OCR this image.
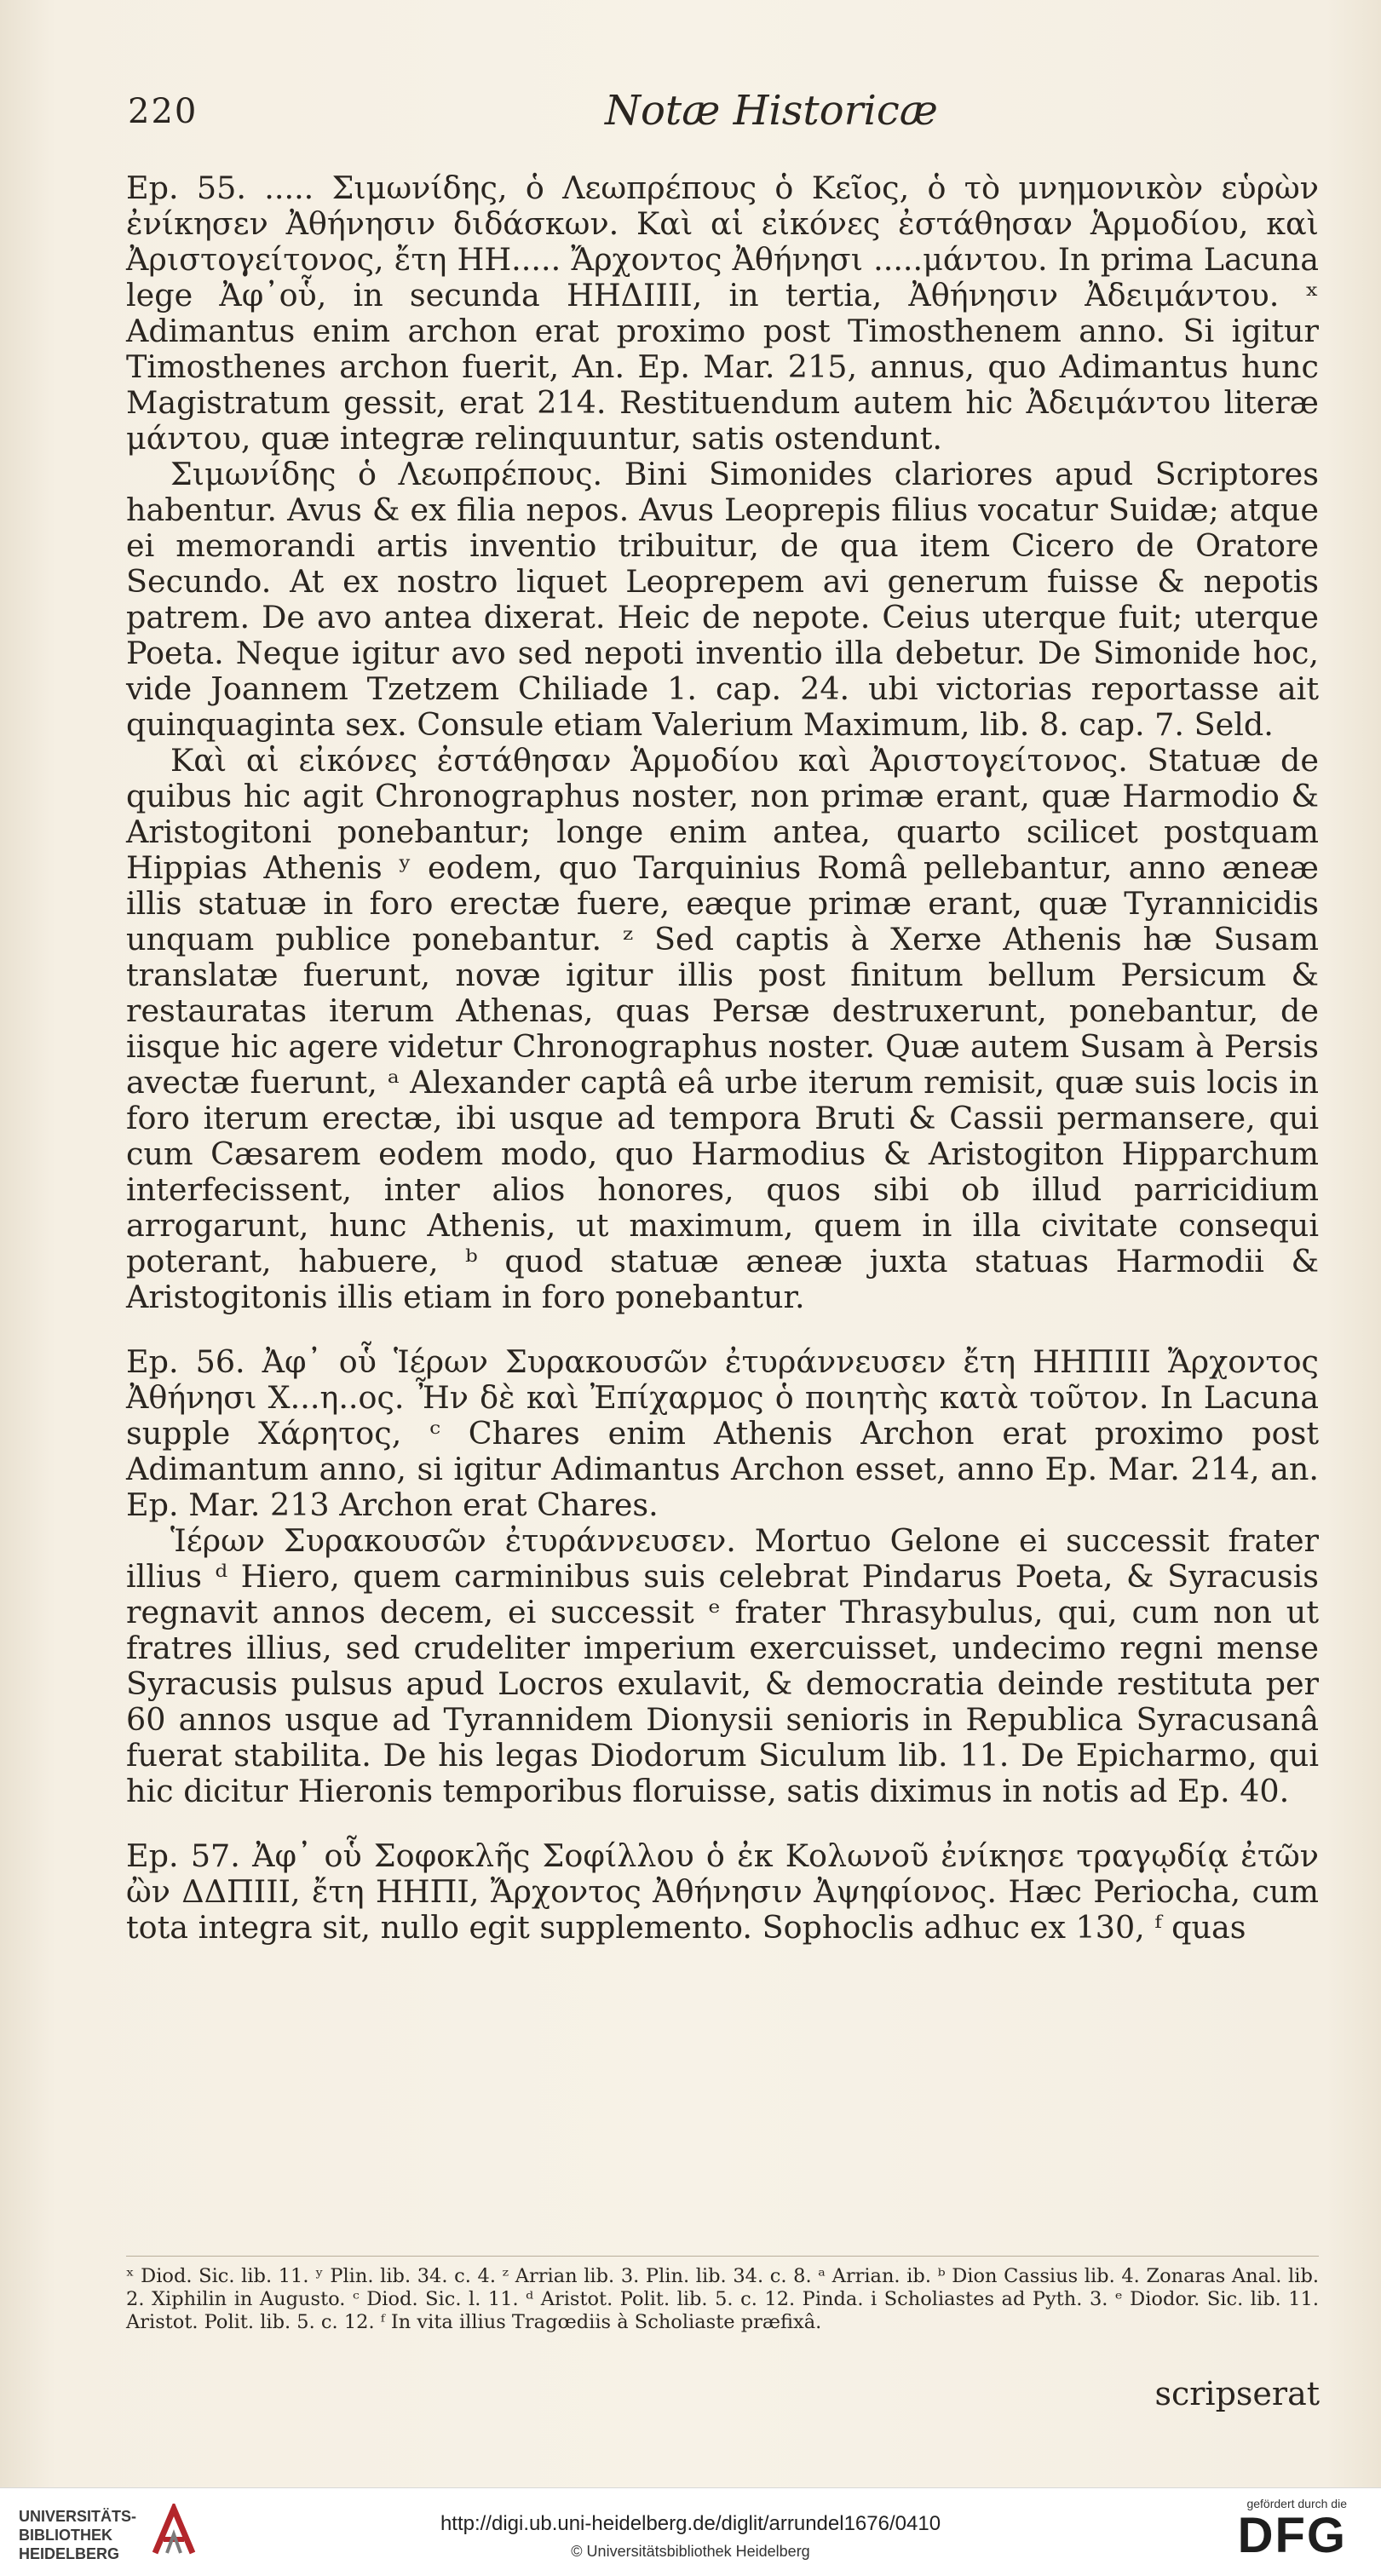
220	Notæ Historicæ

Ep. 55. ..... Σιμωνίδης, ὁ Λεωπρέπους ὁ Κεῖος, ὁ τὸ μνημονικὸν εὑρὼν ἐνίκησεν Ἀθήνησιν διδάσκων. Καὶ αἱ εἰκόνες ἐστάθησαν Ἁρμοδίου, καὶ Ἀριστογείτονος, ἔτη ΗΗ..... Ἄρχοντος Ἀθήνησι .....μάντου. In prima Lacuna lege Ἀφ᾽οὗ, in secunda ΗΗΔΙΙΙΙ, in tertia, Ἀθήνησιν Ἀδειμάντου. ˣ Adimantus enim archon erat proximo post Timosthenem anno. Si igitur Timosthenes archon fuerit, An. Ep. Mar. 215, annus, quo Adimantus hunc Magistratum gessit, erat 214. Restituendum autem hic Ἀδειμάντου literæ μάντου, quæ integræ relinquuntur, satis ostendunt.

Σιμωνίδης ὁ Λεωπρέπους. Bini Simonides clariores apud Scriptores habentur. Avus & ex filia nepos. Avus Leoprepis filius vocatur Suidæ; atque ei memorandi artis inventio tribuitur, de qua item Cicero de Oratore Secundo. At ex nostro liquet Leoprepem avi generum fuisse & nepotis patrem. De avo antea dixerat. Heic de nepote. Ceius uterque fuit; uterque Poeta. Neque igitur avo sed nepoti inventio illa debetur. De Simonide hoc, vide Joannem Tzetzem Chiliade 1. cap. 24. ubi victorias reportasse ait quinquaginta sex. Consule etiam Valerium Maximum, lib. 8. cap. 7. Seld.

Καὶ αἱ εἰκόνες ἐστάθησαν Ἁρμοδίου καὶ Ἀριστογείτονος. Statuæ de quibus hic agit Chronographus noster, non primæ erant, quæ Harmodio & Aristogitoni ponebantur; longe enim antea, quarto scilicet postquam Hippias Athenis ʸ eodem, quo Tarquinius Româ pellebantur, anno æneæ illis statuæ in foro erectæ fuere, eæque primæ erant, quæ Tyrannicidis unquam publice ponebantur. ᶻ Sed captis à Xerxe Athenis hæ Susam translatæ fuerunt, novæ igitur illis post finitum bellum Persicum & restauratas iterum Athenas, quas Persæ destruxerunt, ponebantur, de iisque hic agere videtur Chronographus noster. Quæ autem Susam à Persis avectæ fuerunt, ᵃ Alexander captâ eâ urbe iterum remisit, quæ suis locis in foro iterum erectæ, ibi usque ad tempora Bruti & Cassii permansere, qui cum Cæsarem eodem modo, quo Harmodius & Aristogiton Hipparchum interfecissent, inter alios honores, quos sibi ob illud parricidium arrogarunt, hunc Athenis, ut maximum, quem in illa civitate consequi poterant, habuere, ᵇ quod statuæ æneæ juxta statuas Harmodii & Aristogitonis illis etiam in foro ponebantur.

Ep. 56. Ἀφ᾽ οὗ Ἱέρων Συρακουσῶν ἐτυράννευσεν ἔτη ΗΗΠΙΙΙ Ἄρχοντος Ἀθήνησι Χ...η..ος. Ἦν δὲ καὶ Ἐπίχαρμος ὁ ποιητὴς κατὰ τοῦτον. In Lacuna supple Χάρητος, ᶜ Chares enim Athenis Archon erat proximo post Adimantum anno, si igitur Adimantus Archon esset, anno Ep. Mar. 214, an. Ep. Mar. 213 Archon erat Chares.

Ἱέρων Συρακουσῶν ἐτυράννευσεν. Mortuo Gelone ei successit frater illius ᵈ Hiero, quem carminibus suis celebrat Pindarus Poeta, & Syracusis regnavit annos decem, ei successit ᵉ frater Thrasybulus, qui, cum non ut fratres illius, sed crudeliter imperium exercuisset, undecimo regni mense Syracusis pulsus apud Locros exulavit, & democratia deinde restituta per 60 annos usque ad Tyrannidem Dionysii senioris in Republica Syracusanâ fuerat stabilita. De his legas Diodorum Siculum lib. 11. De Epicharmo, qui hic dicitur Hieronis temporibus floruisse, satis diximus in notis ad Ep. 40.

Ep. 57. Ἀφ᾽ οὗ Σοφοκλῆς Σοφίλλου ὁ ἐκ Κολωνοῦ ἐνίκησε τραγῳδίᾳ ἐτῶν ὢν ΔΔΠΙΙΙ, ἔτη ΗΗΠΙ, Ἄρχοντος Ἀθήνησιν Ἀψηφίονος. Hæc Periocha, cum tota integra sit, nullo egit supplemento. Sophoclis adhuc ex 130, ᶠ quas

ˣ Diod. Sic. lib. 11. ʸ Plin. lib. 34. c. 4. ᶻ Arrian lib. 3. Plin. lib. 34. c. 8. ᵃ Arrian. ib. ᵇ Dion Cassius lib. 4. Zonaras Anal. lib. 2. Xiphilin in Augusto. ᶜ Diod. Sic. l. 11. ᵈ Aristot. Polit. lib. 5. c. 12. Pinda. i Scholiastes ad Pyth. 3. ᵉ Diodor. Sic. lib. 11. Aristot. Polit. lib. 5. c. 12. ᶠ In vita illius Tragœdiis à Scholiaste præfixâ.
scripserat
UNIVERSITÄTS-
BIBLIOTHEK
HEIDELBERG
http://digi.ub.uni-heidelberg.de/diglit/arrundel1676/0410
© Universitätsbibliothek Heidelberg
gefördert durch die
DFG
